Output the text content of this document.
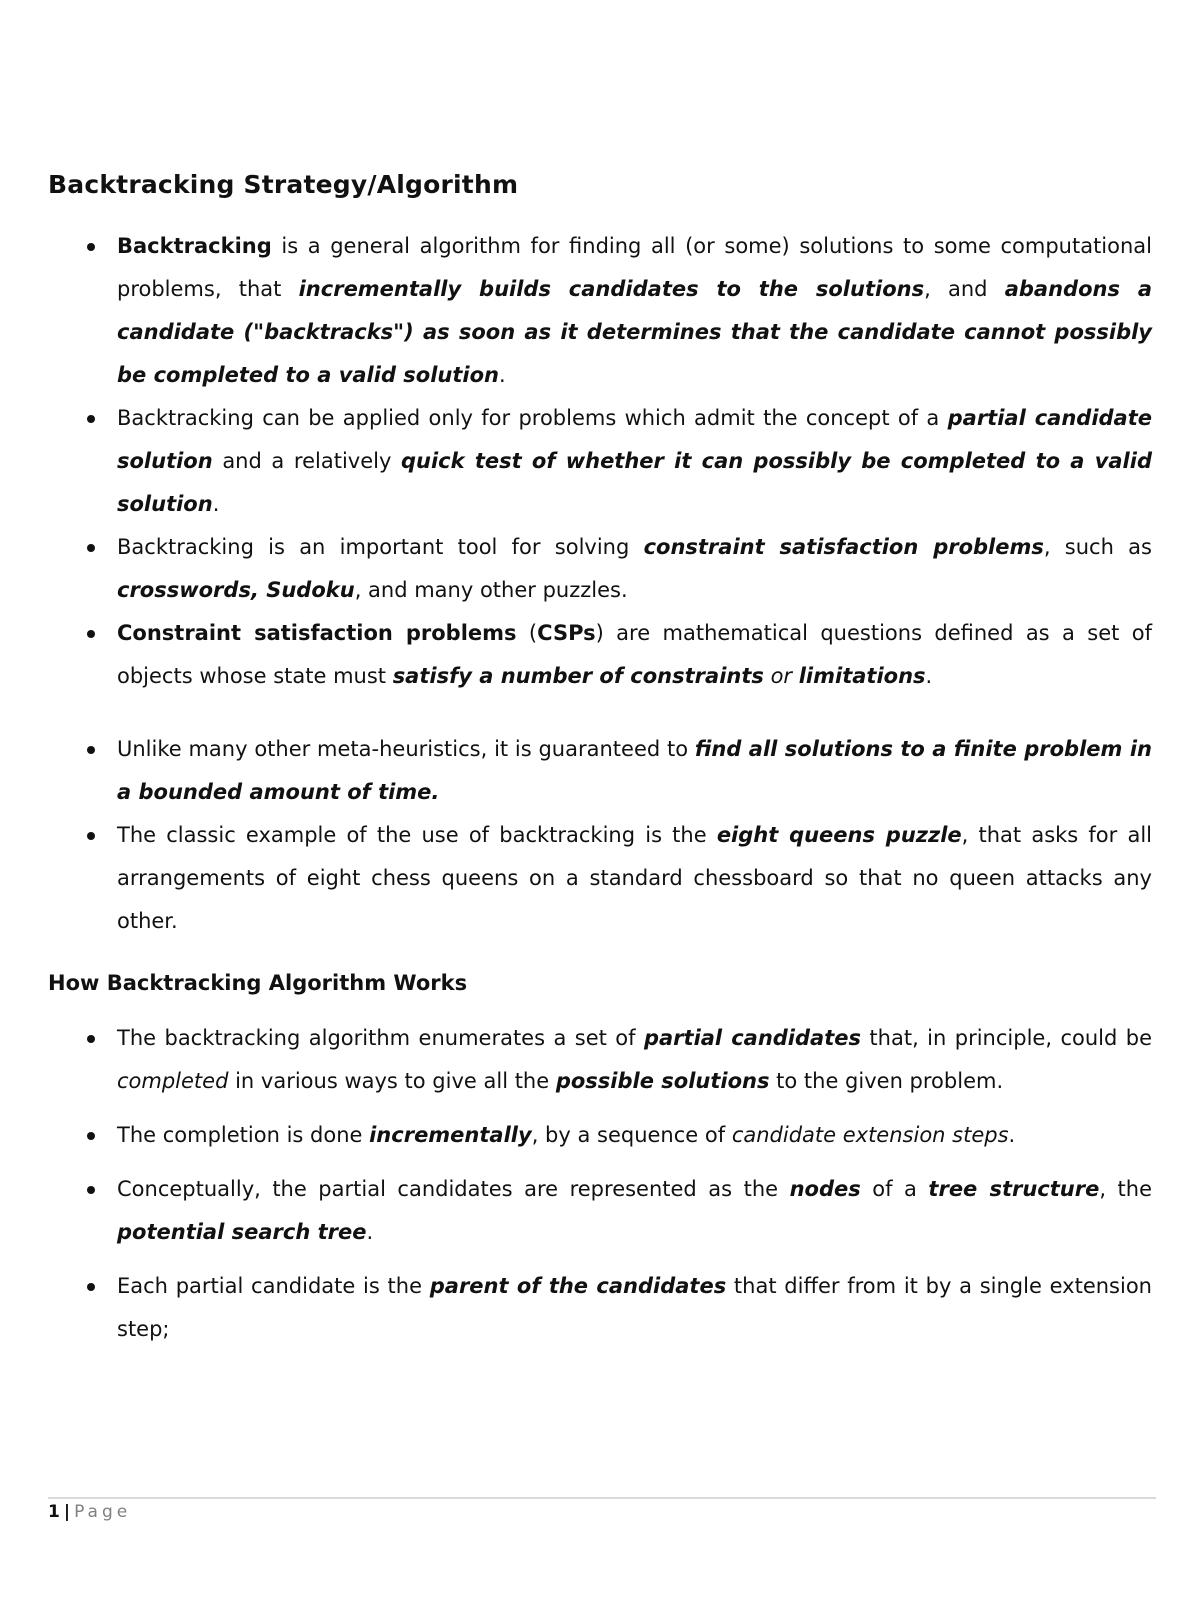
Backtracking Strategy/Algorithm
Backtracking is a general algorithm for finding all (or some) solutions to some computational problems, that incrementally builds candidates to the solutions, and abandons a candidate ("backtracks") as soon as it determines that the candidate cannot possibly be completed to a valid solution.
Backtracking can be applied only for problems which admit the concept of a partial candidate solution and a relatively quick test of whether it can possibly be completed to a valid solution.
Backtracking is an important tool for solving constraint satisfaction problems, such as crosswords, Sudoku, and many other puzzles.
Constraint satisfaction problems (CSPs) are mathematical questions defined as a set of objects whose state must satisfy a number of constraints or limitations.
Unlike many other meta-heuristics, it is guaranteed to find all solutions to a finite problem in a bounded amount of time.
The classic example of the use of backtracking is the eight queens puzzle, that asks for all arrangements of eight chess queens on a standard chessboard so that no queen attacks any other.
How Backtracking Algorithm Works
The backtracking algorithm enumerates a set of partial candidates that, in principle, could be completed in various ways to give all the possible solutions to the given problem.
The completion is done incrementally, by a sequence of candidate extension steps.
Conceptually, the partial candidates are represented as the nodes of a tree structure, the potential search tree.
Each partial candidate is the parent of the candidates that differ from it by a single extension step;
1 | Page
